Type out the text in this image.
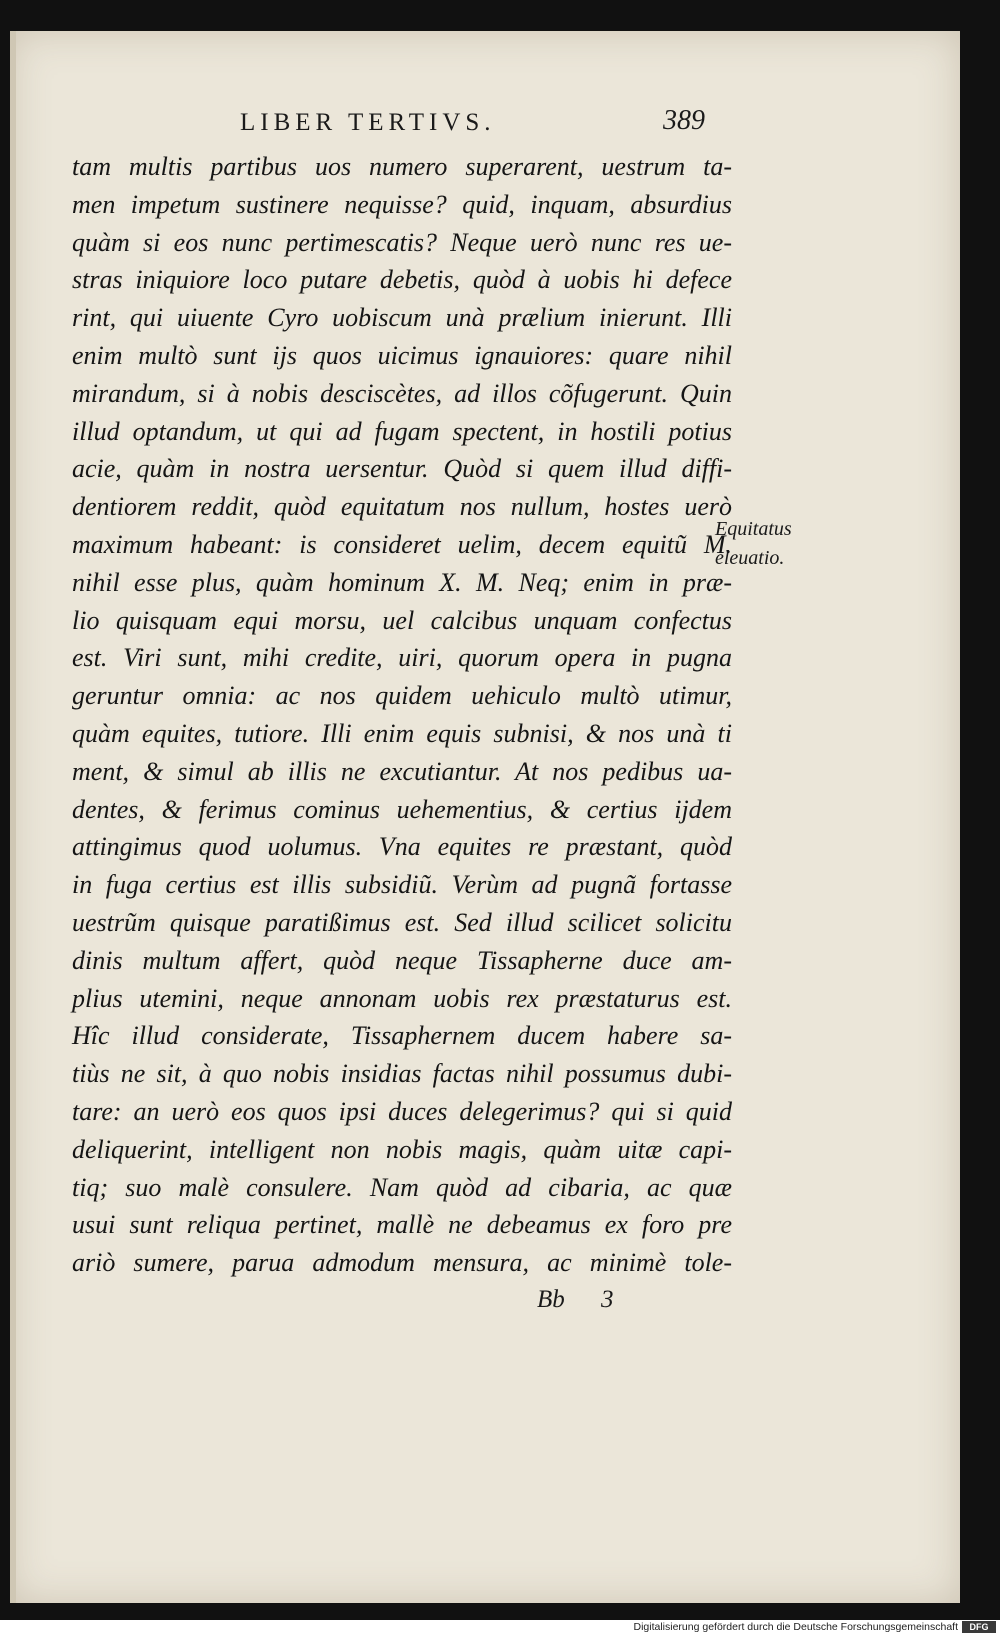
LIBER TERTIVS.	389
tam multis partibus uos numero superarent, uestrum ta-
men impetum sustinere nequisse? quid, inquam, absurdius
quàm si eos nunc pertimescatis? Neque uerò nunc res ue-
stras iniquiore loco putare debetis, quòd à uobis hi defece
rint, qui uiuente Cyro uobiscum unà prælium inierunt. Illi
enim multò sunt ijs quos uicimus ignauiores: quare nihil
mirandum, si à nobis desciscètes, ad illos cõfugerunt. Quin
illud optandum, ut qui ad fugam spectent, in hostili potius
acie, quàm in nostra uersentur. Quòd si quem illud diffi-
dentiorem reddit, quòd equitatum nos nullum, hostes uerò
maximum habeant: is consideret uelim, decem equitũ M.
nihil esse plus, quàm hominum X. M. Neq; enim in præ-
lio quisquam equi morsu, uel calcibus unquam confectus
est. Viri sunt, mihi credite, uiri, quorum opera in pugna
geruntur omnia: ac nos quidem uehiculo multò utimur,
quàm equites, tutiore. Illi enim equis subnisi, & nos unà ti
ment, & simul ab illis ne excutiantur. At nos pedibus ua-
dentes, & ferimus cominus uehementius, & certius ijdem
attingimus quod uolumus. Vna equites re præstant, quòd
in fuga certius est illis subsidiũ. Verùm ad pugnã fortasse
uestrũm quisque paratißimus est. Sed illud scilicet solicitu
dinis multum affert, quòd neque Tissapherne duce am-
plius utemini, neque annonam uobis rex præstaturus est.
Hîc illud considerate, Tissaphernem ducem habere sa-
tiùs ne sit, à quo nobis insidias factas nihil possumus dubi-
tare: an uerò eos quos ipsi duces delegerimus? qui si quid
deliquerint, intelligent non nobis magis, quàm uitæ capi-
tiq; suo malè consulere. Nam quòd ad cibaria, ac quæ
usui sunt reliqua pertinet, mallè ne debeamus ex foro pre
ariò sumere, parua admodum mensura, ac minimè tole-
Equitatus
eleuatio.
Bb 3
Digitalisierung gefördert durch die Deutsche Forschungsgemeinschaft	DFG
